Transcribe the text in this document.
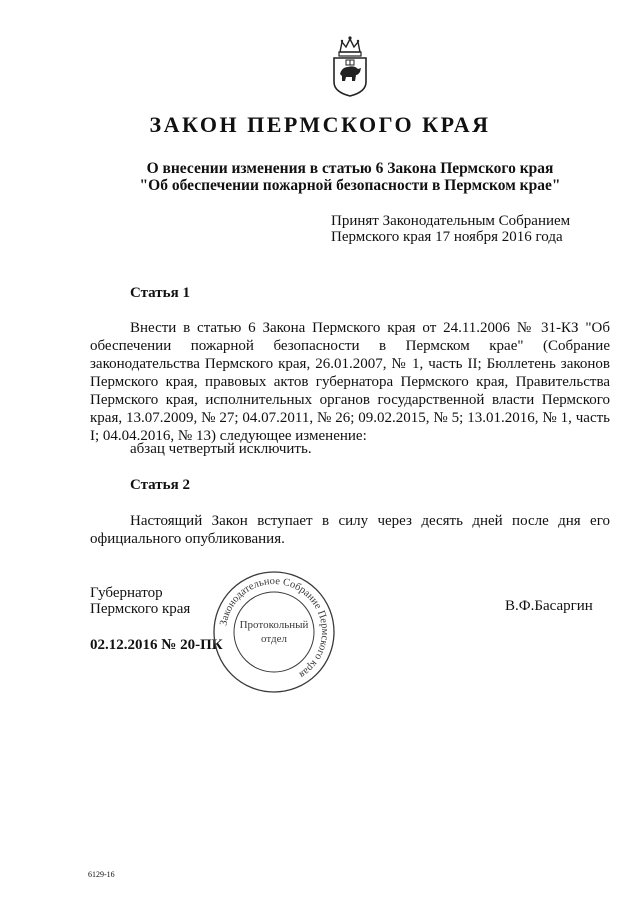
ЗАКОН ПЕРМСКОГО КРАЯ
О внесении изменения в статью 6 Закона Пермского края
"Об обеспечении пожарной безопасности в Пермском крае"
Принят Законодательным Собранием
Пермского края 17 ноября 2016 года
Статья 1
Внести в статью 6 Закона Пермского края от 24.11.2006 № 31-КЗ "Об обеспечении пожарной безопасности в Пермском крае" (Собрание законодательства Пермского края, 26.01.2007, № 1, часть II; Бюллетень законов Пермского края, правовых актов губернатора Пермского края, Правительства Пермского края, исполнительных органов государственной власти Пермского края, 13.07.2009, № 27; 04.07.2011, № 26; 09.02.2015, № 5; 13.01.2016, № 1, часть I; 04.04.2016, № 13) следующее изменение:
абзац четвертый исключить.
Статья 2
Настоящий Закон вступает в силу через десять дней после дня его официального опубликования.
Губернатор
Пермского края	В.Ф.Басаргин
02.12.2016 № 20-ПК
Законодательное Собрание Пермского края
Протокольный
отдел
6129-16
